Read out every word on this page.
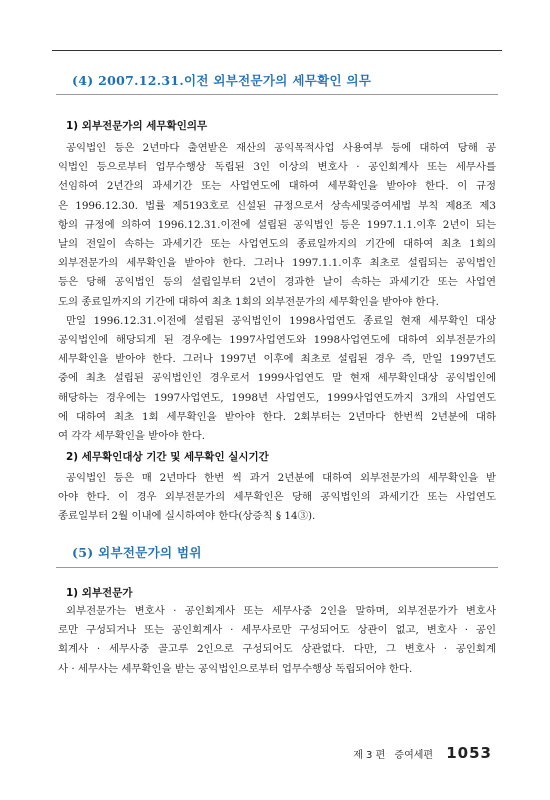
(4) 2007.12.31.이전 외부전문가의 세무확인 의무
1) 외부전문가의 세무확인의무
공익법인 등은 2년마다 출연받은 재산의 공익목적사업 사용여부 등에 대하여 당해 공
익법인 등으로부터 업무수행상 독립된 3인 이상의 변호사 · 공인회계사 또는 세무사를
선임하여 2년간의 과세기간 또는 사업연도에 대하여 세무확인을 받아야 한다. 이 규정
은 1996.12.30. 법률 제5193호로 신설된 규정으로서 상속세및증여세법 부칙 제8조 제3
항의 규정에 의하여 1996.12.31.이전에 설립된 공익법인 등은 1997.1.1.이후 2년이 되는
날의 전일이 속하는 과세기간 또는 사업연도의 종료일까지의 기간에 대하여 최초 1회의
외부전문가의 세무확인을 받아야 한다. 그러나 1997.1.1.이후 최초로 설립되는 공익법인
등은 당해 공익법인 등의 설립일부터 2년이 경과한 날이 속하는 과세기간 또는 사업연
도의 종료일까지의 기간에 대하여 최초 1회의 외부전문가의 세무확인을 받아야 한다.
만일 1996.12.31.이전에 설립된 공익법인이 1998사업연도 종료일 현재 세무확인 대상
공익법인에 해당되게 된 경우에는 1997사업연도와 1998사업연도에 대하여 외부전문가의
세무확인을 받아야 한다. 그러나 1997년 이후에 최초로 설립된 경우 즉, 만일 1997년도
중에 최초 설립된 공익법인인 경우로서 1999사업연도 말 현재 세무확인대상 공익법인에
해당하는 경우에는 1997사업연도, 1998년 사업연도, 1999사업연도까지 3개의 사업연도
에 대하여 최초 1회 세무확인을 받아야 한다. 2회부터는 2년마다 한번씩 2년분에 대하
여 각각 세무확인을 받아야 한다.
2) 세무확인대상 기간 및 세무확인 실시기간
공익법인 등은 매 2년마다 한번 씩 과거 2년분에 대하여 외부전문가의 세무확인을 받
아야 한다. 이 경우 외부전문가의 세무확인은 당해 공익법인의 과세기간 또는 사업연도
종료일부터 2월 이내에 실시하여야 한다(상증칙 § 14③).
(5) 외부전문가의 범위
1) 외부전문가
외부전문가는 변호사 · 공인회계사 또는 세무사중 2인을 말하며, 외부전문가가 변호사
로만 구성되거나 또는 공인회계사 · 세무사로만 구성되어도 상관이 없고, 변호사 · 공인
회계사 · 세무사중 골고루 2인으로 구성되어도 상관없다. 다만, 그 변호사 · 공인회계
사 · 세무사는 세무확인을 받는 공익법인으로부터 업무수행상 독립되어야 한다.
제 3 편 증여세편 1053
